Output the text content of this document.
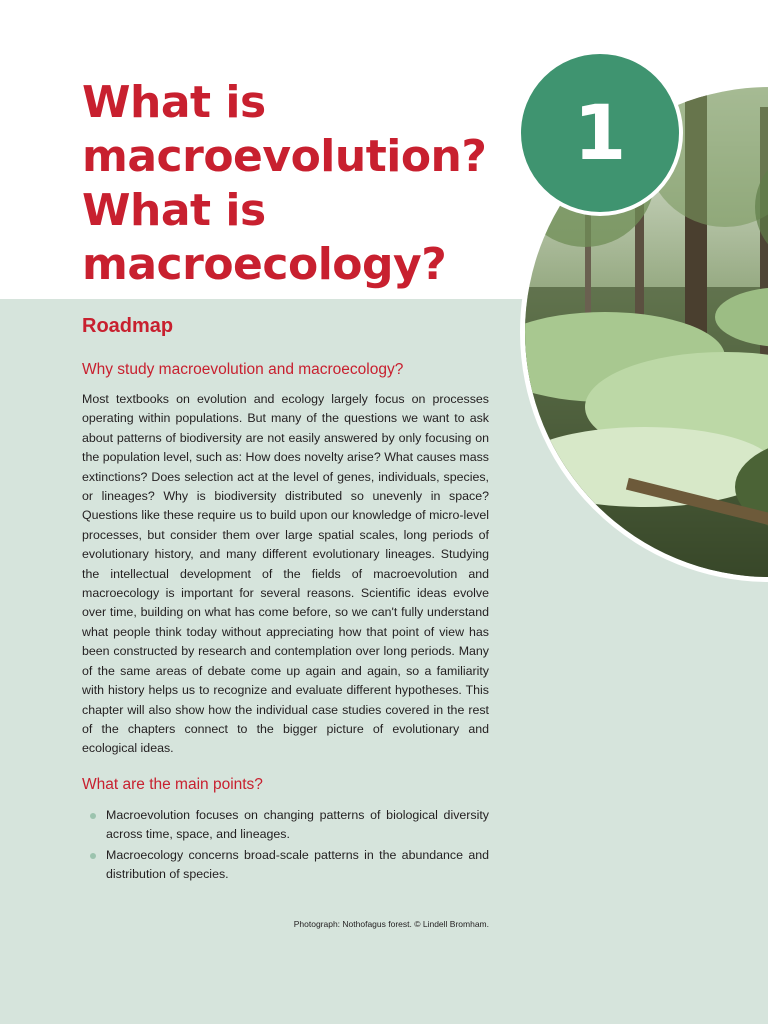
What is macroevolution? What is macroecology?
1
Roadmap
Why study macroevolution and macroecology?

Most textbooks on evolution and ecology largely focus on processes operating within populations. But many of the questions we want to ask about patterns of biodiversity are not easily answered by only focusing on the population level, such as: How does novelty arise? What causes mass extinctions? Does selection act at the level of genes, individuals, species, or lineages? Why is biodiversity distributed so unevenly in space? Questions like these require us to build upon our knowledge of micro-level processes, but consider them over large spatial scales, long periods of evolutionary history, and many different evolutionary lineages. Studying the intellectual development of the fields of macroevolution and macroecology is important for several reasons. Scientific ideas evolve over time, building on what has come before, so we can't fully understand what people think today without appreciating how that point of view has been constructed by research and contemplation over long periods. Many of the same areas of debate come up again and again, so a familiarity with history helps us to recognize and evaluate different hypotheses. This chapter will also show how the individual case studies covered in the rest of the chapters connect to the bigger picture of evolutionary and ecological ideas.

What are the main points?
Macroevolution focuses on changing patterns of biological diversity across time, space, and lineages.
Macroecology concerns broad-scale patterns in the abundance and distribution of species.

Photograph: Nothofagus forest. © Lindell Bromham.
